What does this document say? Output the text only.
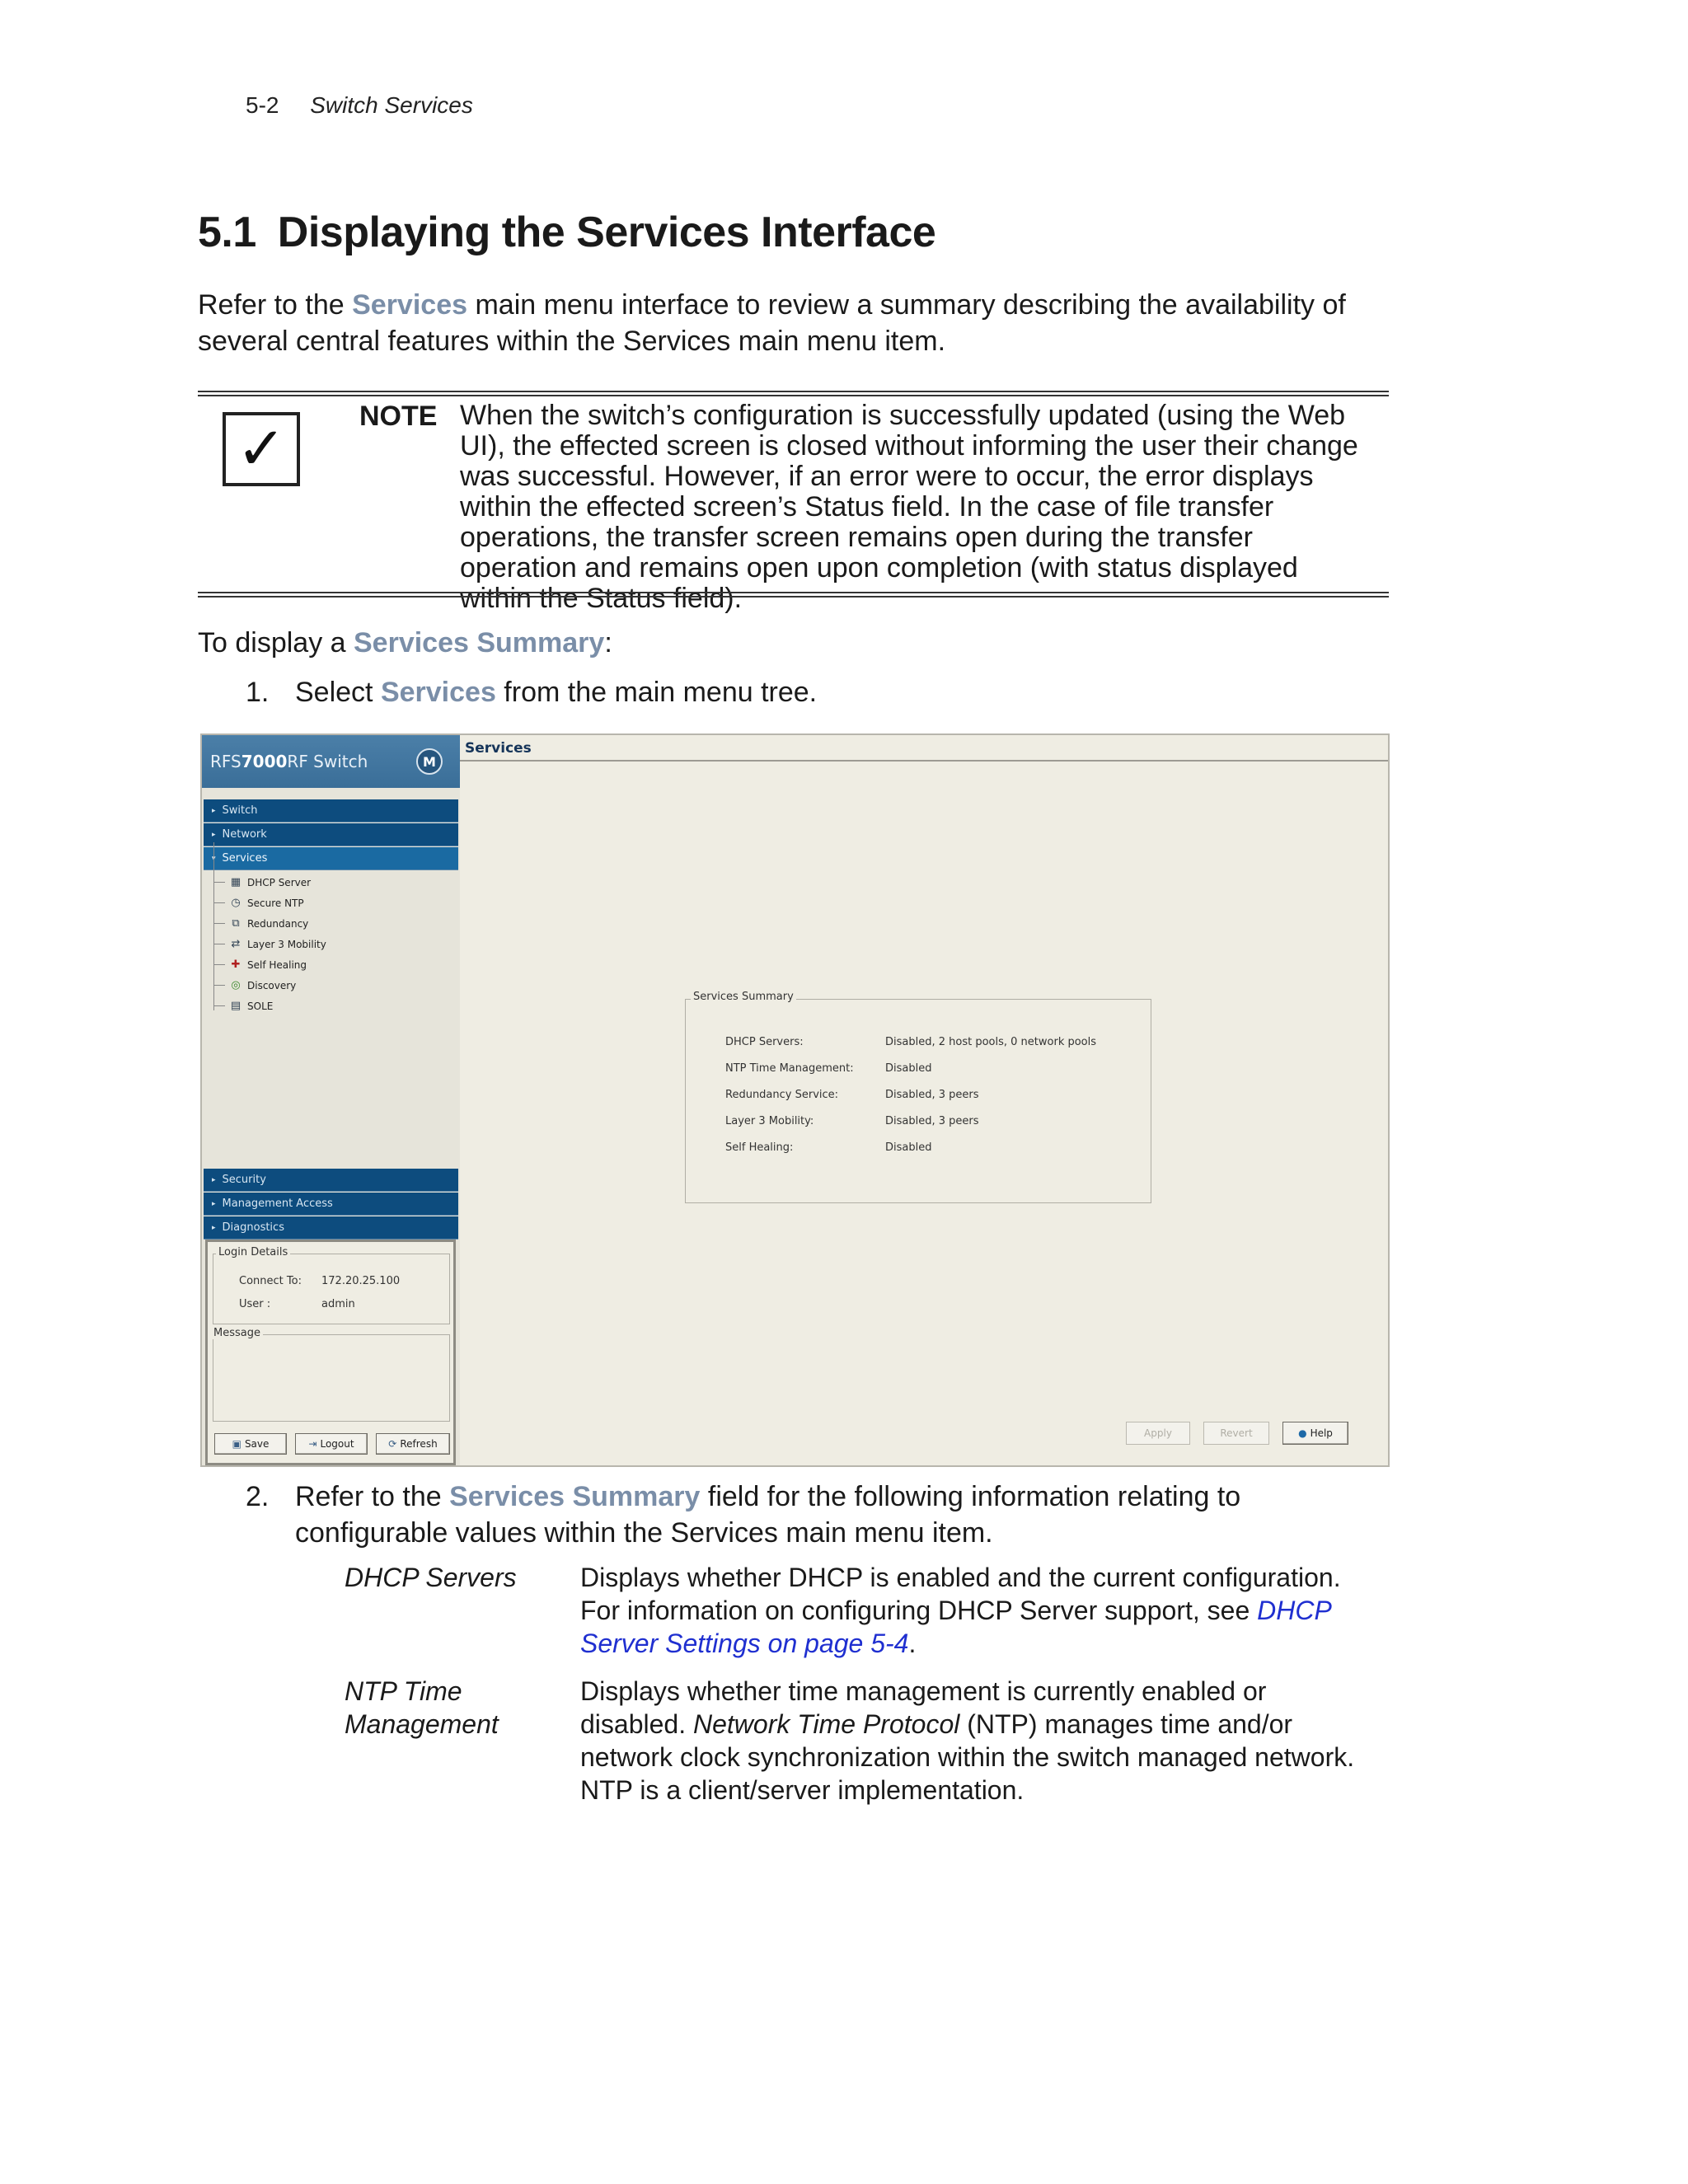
5-2 Switch Services
5.1 Displaying the Services Interface
Refer to the Services main menu interface to review a summary describing the availability of several central features within the Services main menu item.
✓	NOTE When the switch’s configuration is successfully updated (using the Web UI), the effected screen is closed without informing the user their change was successful. However, if an error were to occur, the error displays within the effected screen’s Status field. In the case of file transfer operations, the transfer screen remains open during the transfer operation and remains open upon completion (with status displayed within the Status field).
To display a Services Summary:
1. Select Services from the main menu tree.
RFS 7000 RF Switch	M
▸ Switch
▸ Network
▾ Services
▦ DHCP Server
◷ Secure NTP
⧉ Redundancy
⇄ Layer 3 Mobility
✚ Self Healing
◎ Discovery
▤ SOLE
▸ Security
▸ Management Access
▸ Diagnostics
Login Details
Connect To: 172.20.25.100
User :	admin
Message
▣ Save	⇥ Logout	⟳ Refresh
Services
Services Summary
DHCP Servers:	Disabled, 2 host pools, 0 network pools
NTP Time Management:	Disabled
Redundancy Service:	Disabled, 3 peers
Layer 3 Mobility:	Disabled, 3 peers
Self Healing:	Disabled
Apply	Revert	● Help
2. Refer to the Services Summary field for the following information relating to configurable values within the Services main menu item.
DHCP Servers Displays whether DHCP is enabled and the current configuration.
For information on configuring DHCP Server support, see DHCP
Server Settings on page 5-4.
NTP Time
Management
Displays whether time management is currently enabled or
disabled. Network Time Protocol (NTP) manages time and/or
network clock synchronization within the switch managed network.
NTP is a client/server implementation.
